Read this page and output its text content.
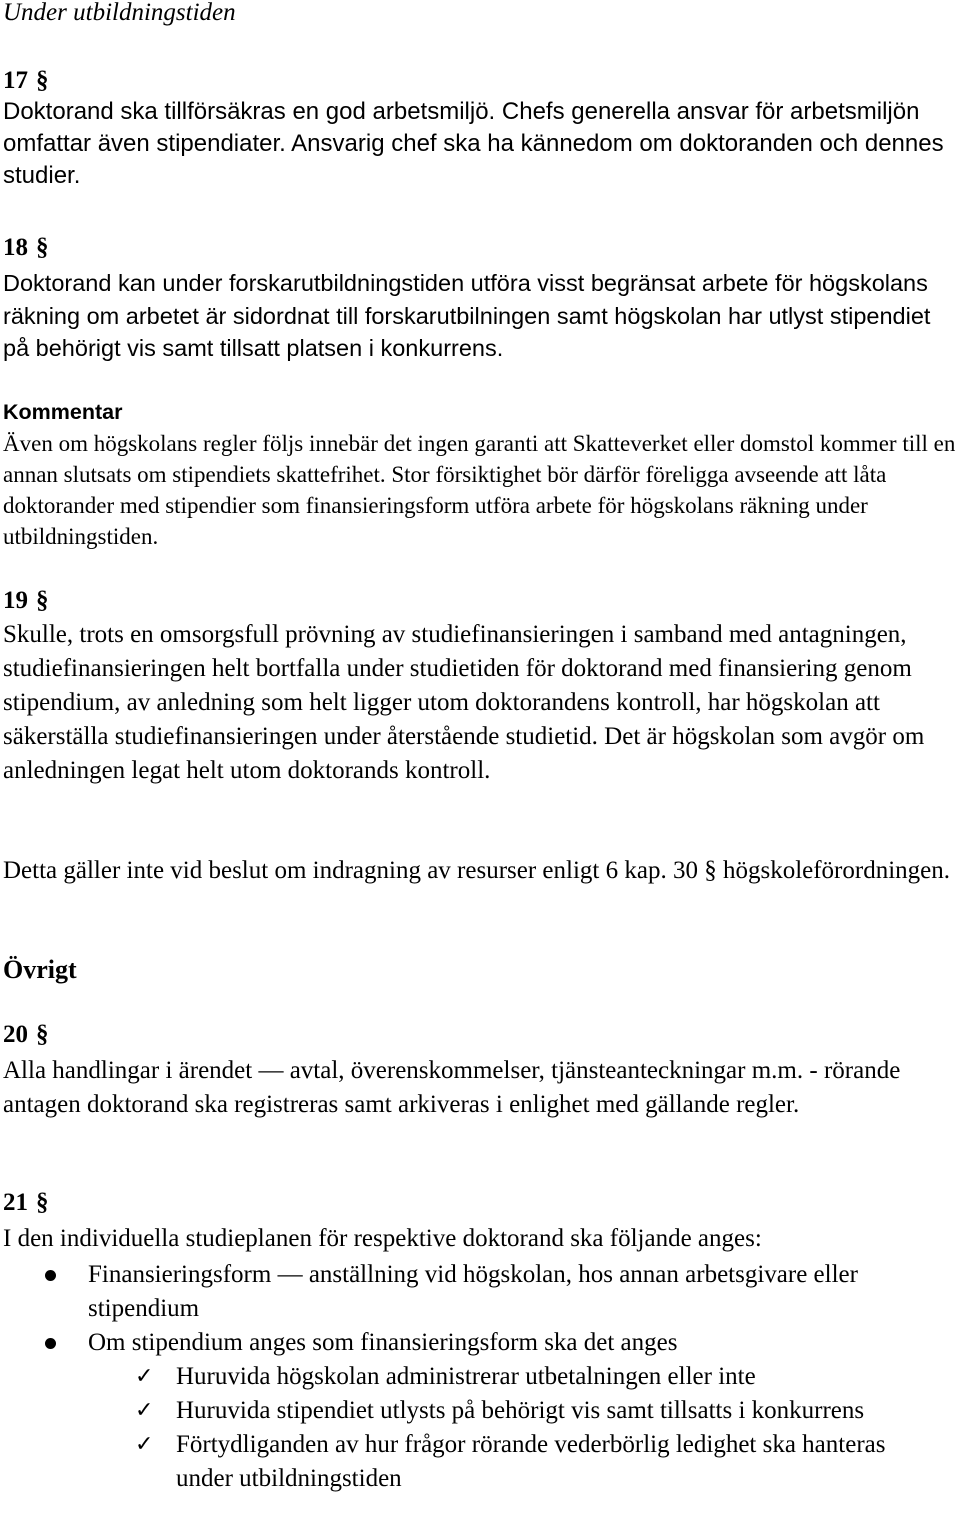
Under utbildningstiden
17 §
Doktorand ska tillförsäkras en god arbetsmiljö. Chefs generella ansvar för arbetsmiljön omfattar även stipendiater. Ansvarig chef ska ha kännedom om doktoranden och dennes studier.
18 §
Doktorand kan under forskarutbildningstiden utföra visst begränsat arbete för högskolans räkning om arbetet är sidordnat till forskarutbilningen samt högskolan har utlyst stipendiet på behörigt vis samt tillsatt platsen i konkurrens.
Kommentar
Även om högskolans regler följs innebär det ingen garanti att Skatteverket eller domstol kommer till en annan slutsats om stipendiets skattefrihet. Stor försiktighet bör därför föreligga avseende att låta doktorander med stipendier som finansieringsform utföra arbete för högskolans räkning under utbildningstiden.
19 §
Skulle, trots en omsorgsfull prövning av studiefinansieringen i samband med antagningen, studiefinansieringen helt bortfalla under studietiden för doktorand med finansiering genom stipendium, av anledning som helt ligger utom doktorandens kontroll, har högskolan att säkerställa studiefinansieringen under återstående studietid. Det är högskolan som avgör om anledningen legat helt utom doktorands kontroll.
Detta gäller inte vid beslut om indragning av resurser enligt 6 kap. 30 § högskoleförordningen.
Övrigt
20 §
Alla handlingar i ärendet — avtal, överenskommelser, tjänsteanteckningar m.m. - rörande antagen doktorand ska registreras samt arkiveras i enlighet med gällande regler.
21 §
I den individuella studieplanen för respektive doktorand ska följande anges:
Finansieringsform — anställning vid högskolan, hos annan arbetsgivare eller stipendium
Om stipendium anges som finansieringsform ska det anges
✓ Huruvida högskolan administrerar utbetalningen eller inte
✓ Huruvida stipendiet utlysts på behörigt vis samt tillsatts i konkurrens
✓ Förtydliganden av hur frågor rörande vederbörlig ledighet ska hanteras under utbildningstiden
